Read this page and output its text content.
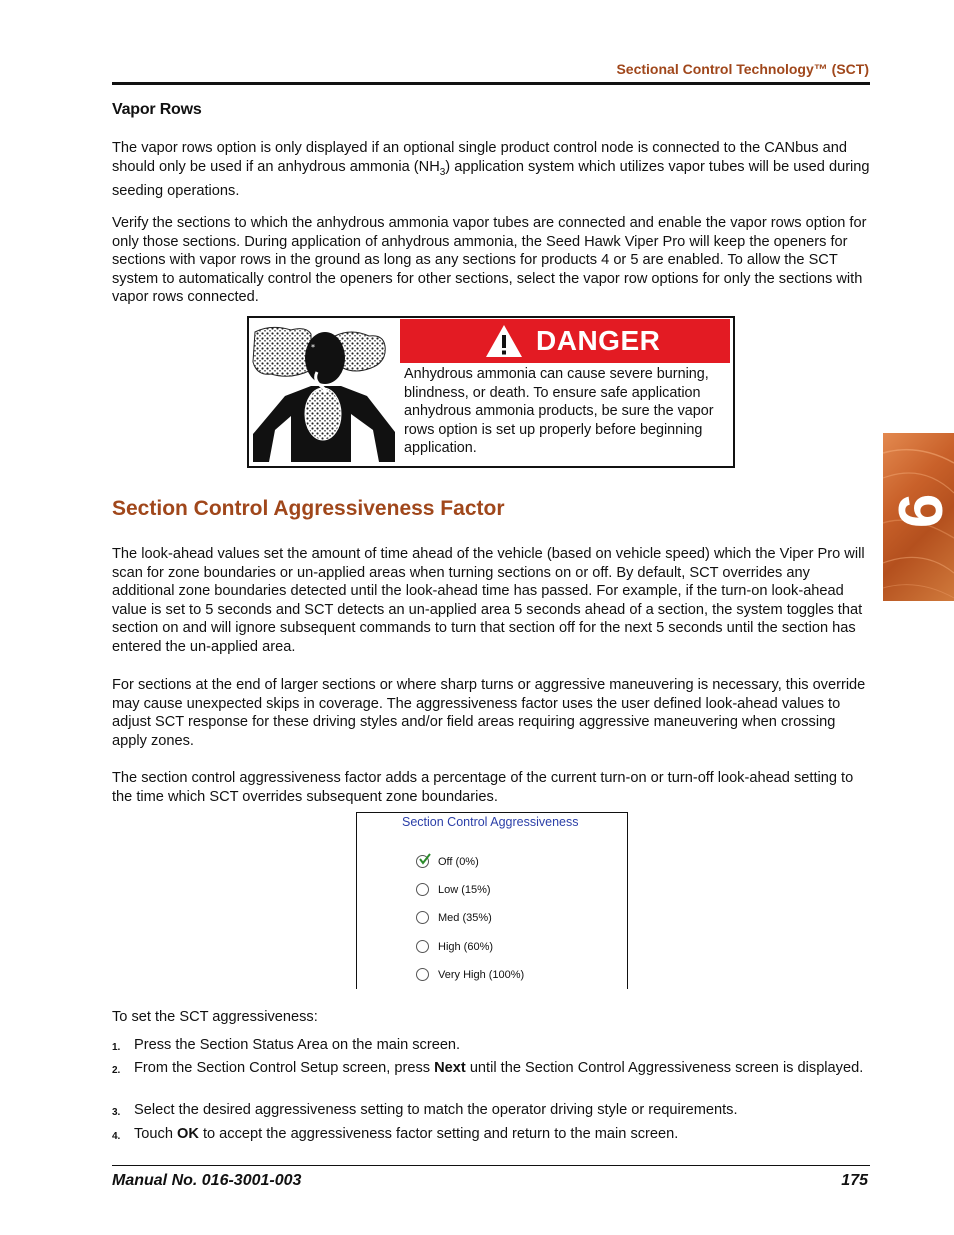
Sectional Control Technology™ (SCT)
Vapor Rows

The vapor rows option is only displayed if an optional single product control node is connected to the CANbus and should only be used if an anhydrous ammonia $(NH_3)$ application system which utilizes vapor tubes will be used during seeding operations.

Verify the sections to which the anhydrous ammonia vapor tubes are connected and enable the vapor rows option for only those sections. During application of anhydrous ammonia, the Seed Hawk Viper Pro will keep the openers for sections with vapor rows in the ground as long as any sections for products 4 or 5 are enabled. To allow the SCT system to automatically control the openers for other sections, select the vapor row options for only the sections with vapor rows connected.

*	DANGER

Anhydrous ammonia can cause severe burning, blindness, or death. To ensure safe application anhydrous ammonia products, be sure the vapor rows option is set up properly before beginning application.

Section Control Aggressiveness Factor

The look-ahead values set the amount of time ahead of the vehicle (based on vehicle speed) which the Viper Pro will scan for zone boundaries or un-applied areas when turning sections on or off. By default, SCT overrides any additional zone boundaries detected until the look-ahead time has passed. For example, if the turn-on look-ahead value is set to 5 seconds and SCT detects an un-applied area 5 seconds ahead of a section, the system toggles that section on and will ignore subsequent commands to turn that section off for the next 5 seconds until the section has entered the un-applied area.

For sections at the end of larger sections or where sharp turns or aggressive maneuvering is necessary, this override may cause unexpected skips in coverage. The aggressiveness factor uses the user defined look-ahead values to adjust SCT response for these driving styles and/or field areas requiring aggressive maneuvering when crossing apply zones.

The section control aggressiveness factor adds a percentage of the current turn-on or turn-off look-ahead setting to the time which SCT overrides subsequent zone boundaries.

Section Control Aggressiveness
Off (0%)
Low (15%)
Med (35%)
High (60%)
Very High (100%)

To set the SCT aggressiveness:

1. Press the Section Status Area on the main screen.
2. From the Section Control Setup screen, press Next until the Section Control Aggressiveness screen is displayed.
3. Select the desired aggressiveness setting to match the operator driving style or requirements.
4. Touch OK to accept the aggressiveness factor setting and return to the main screen.
Manual No. 016-3001-003	175
9
